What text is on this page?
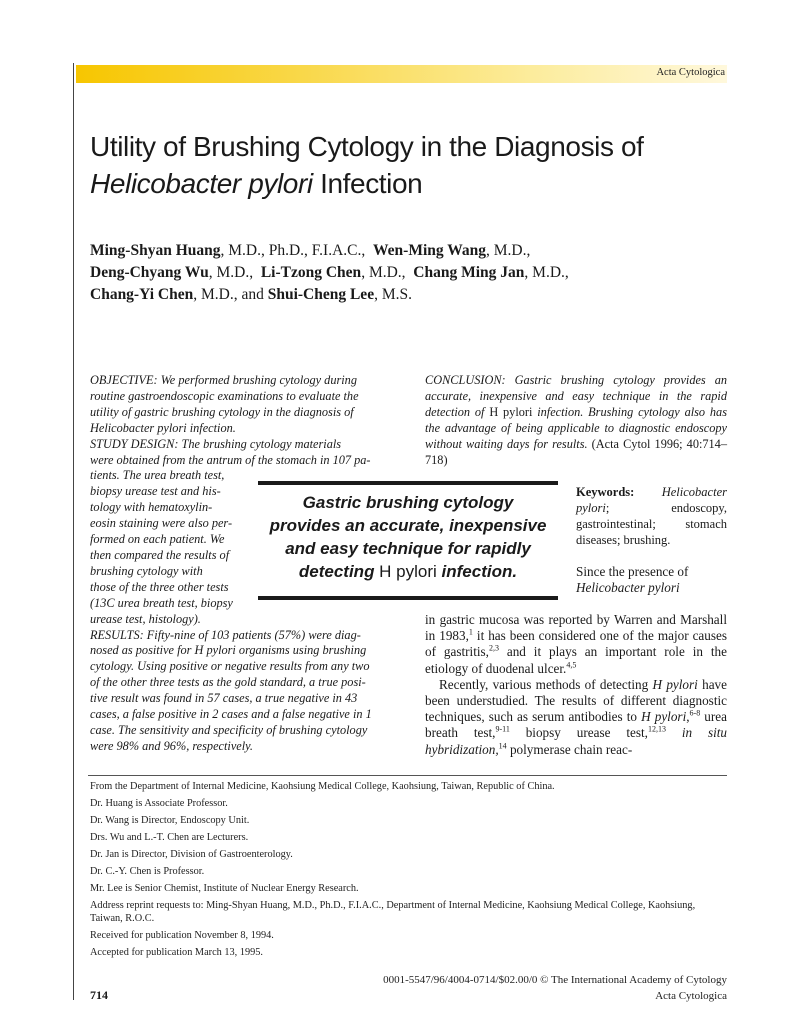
Acta Cytologica
Utility of Brushing Cytology in the Diagnosis of
Helicobacter pylori Infection
Ming-Shyan Huang, M.D., Ph.D., F.I.A.C., Wen-Ming Wang, M.D.,
Deng-Chyang Wu, M.D., Li-Tzong Chen, M.D., Chang Ming Jan, M.D.,
Chang-Yi Chen, M.D., and Shui-Cheng Lee, M.S.
OBJECTIVE: We performed brushing cytology during
routine gastroendoscopic examinations to evaluate the
utility of gastric brushing cytology in the diagnosis of
Helicobacter pylori infection.
STUDY DESIGN: The brushing cytology materials
were obtained from the antrum of the stomach in 107 pa-
tients. The urea breath test,
biopsy urease test and his-
tology with hematoxylin-
eosin staining were also per-
formed on each patient. We
then compared the results of
brushing cytology with
those of the three other tests
(13C urea breath test, biopsy
urease test, histology).
RESULTS: Fifty-nine of 103 patients (57%) were diag-
nosed as positive for H pylori organisms using brushing
cytology. Using positive or negative results from any two
of the other three tests as the gold standard, a true posi-
tive result was found in 57 cases, a true negative in 43
cases, a false positive in 2 cases and a false negative in 1
case. The sensitivity and specificity of brushing cytology
were 98% and 96%, respectively.
CONCLUSION: Gastric brushing cytology provides an accurate, inexpensive and easy technique in the rapid detection of H pylori infection. Brushing cytology also has the advantage of being applicable to diagnostic endoscopy without waiting days for results. (Acta Cytol 1996; 40:714–718)
Gastric brushing cytology
provides an accurate, inexpensive
and easy technique for rapidly
detecting H pylori infection.
Keywords: Helicobacter pylori; endoscopy, gastrointestinal; stomach diseases; brushing.
Since the presence of Helicobacter pylori

in gastric mucosa was reported by Warren and Marshall in 1983,$^1$ it has been considered one of the major causes of gastritis,$^{2,3}$ and it plays an important role in the etiology of duodenal ulcer.$^{4,5}$

Recently, various methods of detecting H pylori have been understudied. The results of different diagnostic techniques, such as serum antibodies to H pylori,$^{6-8}$ urea breath test,$^{9-11}$ biopsy urease test,$^{12,13}$ in situ hybridization,$^{14}$ polymerase chain reac-

From the Department of Internal Medicine, Kaohsiung Medical College, Kaohsiung, Taiwan, Republic of China.

Dr. Huang is Associate Professor.

Dr. Wang is Director, Endoscopy Unit.

Drs. Wu and L.-T. Chen are Lecturers.

Dr. Jan is Director, Division of Gastroenterology.

Dr. C.-Y. Chen is Professor.

Mr. Lee is Senior Chemist, Institute of Nuclear Energy Research.

Address reprint requests to: Ming-Shyan Huang, M.D., Ph.D., F.I.A.C., Department of Internal Medicine, Kaohsiung Medical College, Kaohsiung, Taiwan, R.O.C.

Received for publication November 8, 1994.

Accepted for publication March 13, 1995.

714
0001-5547/96/4004-0714/$02.00/0 © The International Academy of Cytology
Acta Cytologica
